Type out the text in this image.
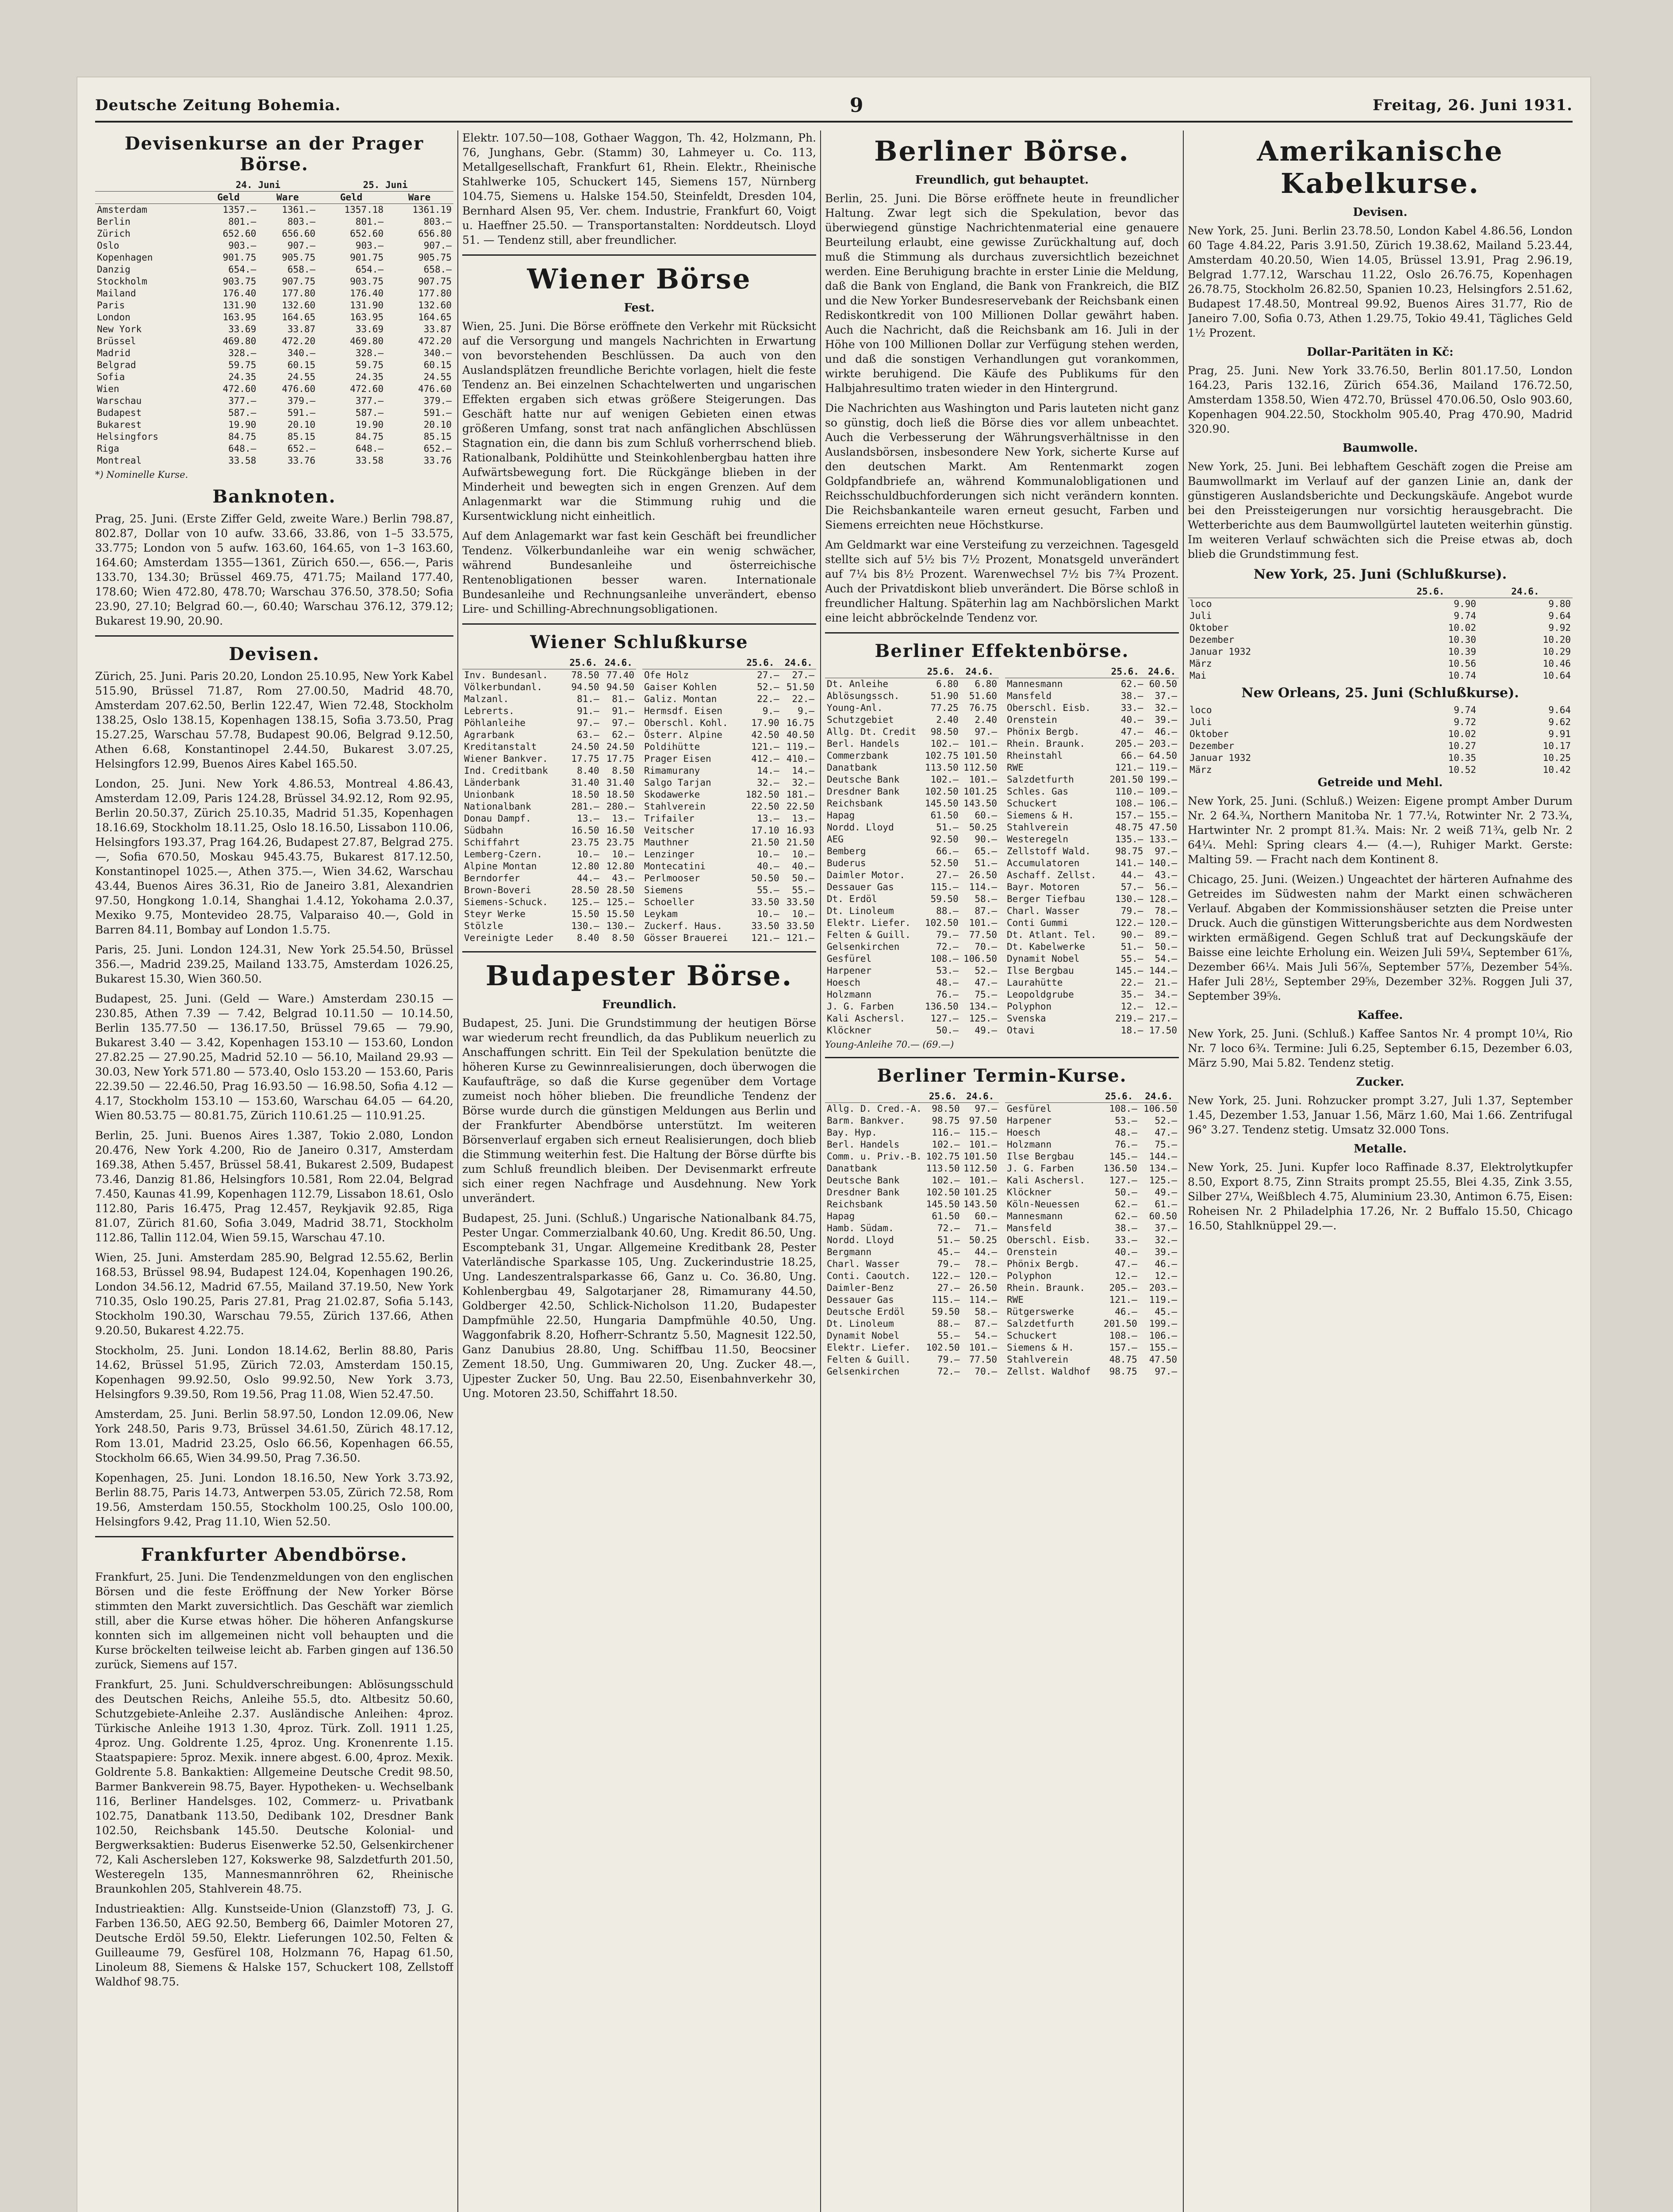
Deutsche Zeitung Bohemia.	9	Freitag, 26. Juni 1931.
Devisenkurse an der Prager Börse.
	24. Juni		25. Juni	
	Geld	Ware	Geld	Ware
Amsterdam	1357.—	1361.—	1357.18	1361.19
Berlin	801.—	803.—	801.—	803.—
Zürich	652.60	656.60	652.60	656.80
Oslo	903.—	907.—	903.—	907.—
Kopenhagen	901.75	905.75	901.75	905.75
Danzig	654.—	658.—	654.—	658.—
Stockholm	903.75	907.75	903.75	907.75
Mailand	176.40	177.80	176.40	177.80
Paris	131.90	132.60	131.90	132.60
London	163.95	164.65	163.95	164.65
New York	33.69	33.87	33.69	33.87
Brüssel	469.80	472.20	469.80	472.20
Madrid	328.—	340.—	328.—	340.—
Belgrad	59.75	60.15	59.75	60.15
Sofia	24.35	24.55	24.35	24.55
Wien	472.60	476.60	472.60	476.60
Warschau	377.—	379.—	377.—	379.—
Budapest	587.—	591.—	587.—	591.—
Bukarest	19.90	20.10	19.90	20.10
Helsingfors	84.75	85.15	84.75	85.15
Riga	648.—	652.—	648.—	652.—
Montreal	33.58	33.76	33.58	33.76
*) Nominelle Kurse.
Banknoten.

Prag, 25. Juni. (Erste Ziffer Geld, zweite Ware.) Berlin 798.87, 802.87, Dollar von 10 aufw. 33.66, 33.86, von 1–5 33.575, 33.775; London von 5 aufw. 163.60, 164.65, von 1–3 163.60, 164.60; Amsterdam 1355—1361, Zürich 650.—, 656.—, Paris 133.70, 134.30; Brüssel 469.75, 471.75; Mailand 177.40, 178.60; Wien 472.80, 478.70; Warschau 376.50, 378.50; Sofia 23.90, 27.10; Belgrad 60.—, 60.40; Warschau 376.12, 379.12; Bukarest 19.90, 20.90.

Devisen.

Zürich, 25. Juni. Paris 20.20, London 25.10.95, New York Kabel 515.90, Brüssel 71.87, Rom 27.00.50, Madrid 48.70, Amsterdam 207.62.50, Berlin 122.47, Wien 72.48, Stockholm 138.25, Oslo 138.15, Kopenhagen 138.15, Sofia 3.73.50, Prag 15.27.25, Warschau 57.78, Budapest 90.06, Belgrad 9.12.50, Athen 6.68, Konstantinopel 2.44.50, Bukarest 3.07.25, Helsingfors 12.99, Buenos Aires Kabel 165.50.

London, 25. Juni. New York 4.86.53, Montreal 4.86.43, Amsterdam 12.09, Paris 124.28, Brüssel 34.92.12, Rom 92.95, Berlin 20.50.37, Zürich 25.10.35, Madrid 51.35, Kopenhagen 18.16.69, Stockholm 18.11.25, Oslo 18.16.50, Lissabon 110.06, Helsingfors 193.37, Prag 164.26, Budapest 27.87, Belgrad 275.—, Sofia 670.50, Moskau 945.43.75, Bukarest 817.12.50, Konstantinopel 1025.—, Athen 375.—, Wien 34.62, Warschau 43.44, Buenos Aires 36.31, Rio de Janeiro 3.81, Alexandrien 97.50, Hongkong 1.0.14, Shanghai 1.4.12, Yokohama 2.0.37, Mexiko 9.75, Montevideo 28.75, Valparaiso 40.—, Gold in Barren 84.11, Bombay auf London 1.5.75.

Paris, 25. Juni. London 124.31, New York 25.54.50, Brüssel 356.—, Madrid 239.25, Mailand 133.75, Amsterdam 1026.25, Bukarest 15.30, Wien 360.50.

Budapest, 25. Juni. (Geld — Ware.) Amsterdam 230.15 — 230.85, Athen 7.39 — 7.42, Belgrad 10.11.50 — 10.14.50, Berlin 135.77.50 — 136.17.50, Brüssel 79.65 — 79.90, Bukarest 3.40 — 3.42, Kopenhagen 153.10 — 153.60, London 27.82.25 — 27.90.25, Madrid 52.10 — 56.10, Mailand 29.93 — 30.03, New York 571.80 — 573.40, Oslo 153.20 — 153.60, Paris 22.39.50 — 22.46.50, Prag 16.93.50 — 16.98.50, Sofia 4.12 — 4.17, Stockholm 153.10 — 153.60, Warschau 64.05 — 64.20, Wien 80.53.75 — 80.81.75, Zürich 110.61.25 — 110.91.25.

Berlin, 25. Juni. Buenos Aires 1.387, Tokio 2.080, London 20.476, New York 4.200, Rio de Janeiro 0.317, Amsterdam 169.38, Athen 5.457, Brüssel 58.41, Bukarest 2.509, Budapest 73.46, Danzig 81.86, Helsingfors 10.581, Rom 22.04, Belgrad 7.450, Kaunas 41.99, Kopenhagen 112.79, Lissabon 18.61, Oslo 112.80, Paris 16.475, Prag 12.457, Reykjavik 92.85, Riga 81.07, Zürich 81.60, Sofia 3.049, Madrid 38.71, Stockholm 112.86, Tallin 112.04, Wien 59.15, Warschau 47.10.

Wien, 25. Juni. Amsterdam 285.90, Belgrad 12.55.62, Berlin 168.53, Brüssel 98.94, Budapest 124.04, Kopenhagen 190.26, London 34.56.12, Madrid 67.55, Mailand 37.19.50, New York 710.35, Oslo 190.25, Paris 27.81, Prag 21.02.87, Sofia 5.143, Stockholm 190.30, Warschau 79.55, Zürich 137.66, Athen 9.20.50, Bukarest 4.22.75.

Stockholm, 25. Juni. London 18.14.62, Berlin 88.80, Paris 14.62, Brüssel 51.95, Zürich 72.03, Amsterdam 150.15, Kopenhagen 99.92.50, Oslo 99.92.50, New York 3.73, Helsingfors 9.39.50, Rom 19.56, Prag 11.08, Wien 52.47.50.

Amsterdam, 25. Juni. Berlin 58.97.50, London 12.09.06, New York 248.50, Paris 9.73, Brüssel 34.61.50, Zürich 48.17.12, Rom 13.01, Madrid 23.25, Oslo 66.56, Kopenhagen 66.55, Stockholm 66.65, Wien 34.99.50, Prag 7.36.50.

Kopenhagen, 25. Juni. London 18.16.50, New York 3.73.92, Berlin 88.75, Paris 14.73, Antwerpen 53.05, Zürich 72.58, Rom 19.56, Amsterdam 150.55, Stockholm 100.25, Oslo 100.00, Helsingfors 9.42, Prag 11.10, Wien 52.50.

Frankfurter Abendbörse.

Frankfurt, 25. Juni. Die Tendenzmeldungen von den englischen Börsen und die feste Eröffnung der New Yorker Börse stimmten den Markt zuversichtlich. Das Geschäft war ziemlich still, aber die Kurse etwas höher. Die höheren Anfangskurse konnten sich im allgemeinen nicht voll behaupten und die Kurse bröckelten teilweise leicht ab. Farben gingen auf 136.50 zurück, Siemens auf 157.

Frankfurt, 25. Juni. Schuldverschreibungen: Ablösungsschuld des Deutschen Reichs, Anleihe 55.5, dto. Altbesitz 50.60, Schutzgebiete-Anleihe 2.37. Ausländische Anleihen: 4proz. Türkische Anleihe 1913 1.30, 4proz. Türk. Zoll. 1911 1.25, 4proz. Ung. Goldrente 1.25, 4proz. Ung. Kronenrente 1.15. Staatspapiere: 5proz. Mexik. innere abgest. 6.00, 4proz. Mexik. Goldrente 5.8. Bankaktien: Allgemeine Deutsche Credit 98.50, Barmer Bankverein 98.75, Bayer. Hypotheken- u. Wechselbank 116, Berliner Handelsges. 102, Commerz- u. Privatbank 102.75, Danatbank 113.50, Dedibank 102, Dresdner Bank 102.50, Reichsbank 145.50. Deutsche Kolonial- und Bergwerksaktien: Buderus Eisenwerke 52.50, Gelsenkirchener 72, Kali Aschersleben 127, Kokswerke 98, Salzdetfurth 201.50, Westeregeln 135, Mannesmannröhren 62, Rheinische Braunkohlen 205, Stahlverein 48.75.

Industrieaktien: Allg. Kunstseide-Union (Glanzstoff) 73, J. G. Farben 136.50, AEG 92.50, Bemberg 66, Daimler Motoren 27, Deutsche Erdöl 59.50, Elektr. Lieferungen 102.50, Felten & Guilleaume 79, Gesfürel 108, Holzmann 76, Hapag 61.50, Linoleum 88, Siemens & Halske 157, Schuckert 108, Zellstoff Waldhof 98.75.

Elektr. 107.50—108, Gothaer Waggon, Th. 42, Holzmann, Ph. 76, Junghans, Gebr. (Stamm) 30, Lahmeyer u. Co. 113, Metallgesellschaft, Frankfurt 61, Rhein. Elektr., Rheinische Stahlwerke 105, Schuckert 145, Siemens 157, Nürnberg 104.75, Siemens u. Halske 154.50, Steinfeldt, Dresden 104, Bernhard Alsen 95, Ver. chem. Industrie, Frankfurt 60, Voigt u. Haeffner 25.50. — Transportanstalten: Norddeutsch. Lloyd 51. — Tendenz still, aber freundlicher.

Wiener Börse
Fest.

Wien, 25. Juni. Die Börse eröffnete den Verkehr mit Rücksicht auf die Versorgung und mangels Nachrichten in Erwartung von bevorstehenden Beschlüssen. Da auch von den Auslandsplätzen freundliche Berichte vorlagen, hielt die feste Tendenz an. Bei einzelnen Schachtelwerten und ungarischen Effekten ergaben sich etwas größere Steigerungen. Das Geschäft hatte nur auf wenigen Gebieten einen etwas größeren Umfang, sonst trat nach anfänglichen Abschlüssen Stagnation ein, die dann bis zum Schluß vorherrschend blieb. Rationalbank, Poldihütte und Steinkohlenbergbau hatten ihre Aufwärtsbewegung fort. Die Rückgänge blieben in der Minderheit und bewegten sich in engen Grenzen. Auf dem Anlagenmarkt war die Stimmung ruhig und die Kursentwicklung nicht einheitlich.

Auf dem Anlagemarkt war fast kein Geschäft bei freundlicher Tendenz. Völkerbundanleihe war ein wenig schwächer, während Bundesanleihe und österreichische Rentenobligationen besser waren. Internationale Bundesanleihe und Rechnungsanleihe unverändert, ebenso Lire- und Schilling-Abrechnungsobligationen.

Wiener Schlußkurse
	25.6.	24.6.
Inv. Bundesanl.	78.50	77.40
Völkerbundanl.	94.50	94.50
Malzanl.	81.—	81.—
Lebrerts.	91.—	91.—
Pöhlanleihe	97.—	97.—
Agrarbank	63.—	62.—
Kreditanstalt	24.50	24.50
Wiener Bankver.	17.75	17.75
Ind. Creditbank	8.40	8.50
Länderbank	31.40	31.40
Unionbank	18.50	18.50
Nationalbank	281.—	280.—
Donau Dampf.	13.—	13.—
Südbahn	16.50	16.50
Schiffahrt	23.75	23.75
Lemberg-Czern.	10.—	10.—
Alpine Montan	12.80	12.80
Berndorfer	44.—	43.—
Brown-Boveri	28.50	28.50
Siemens-Schuck.	125.—	125.—
Steyr Werke	15.50	15.50
Stölzle	130.—	130.—
Vereinigte Leder	8.40	8.50
	25.6.	24.6.
Ofe Holz	27.—	27.—
Gaiser Kohlen	52.—	51.50
Galiz. Montan	22.—	22.—
Hermsdf. Eisen	9.—	9.—
Oberschl. Kohl.	17.90	16.75
Österr. Alpine	42.50	40.50
Poldihütte	121.—	119.—
Prager Eisen	412.—	410.—
Rimamurany	14.—	14.—
Salgo Tarjan	32.—	32.—
Skodawerke	182.50	181.—
Stahlverein	22.50	22.50
Trifailer	13.—	13.—
Veitscher	17.10	16.93
Mauthner	21.50	21.50
Lenzinger	10.—	10.—
Montecatini	40.—	40.—
Perlmooser	50.50	50.—
Siemens	55.—	55.—
Schoeller	33.50	33.50
Leykam	10.—	10.—
Zuckerf. Haus.	33.50	33.50
Gösser Brauerei	121.—	121.—
Budapester Börse.
Freundlich.

Budapest, 25. Juni. Die Grundstimmung der heutigen Börse war wiederum recht freundlich, da das Publikum neuerlich zu Anschaffungen schritt. Ein Teil der Spekulation benützte die höheren Kurse zu Gewinnrealisierungen, doch überwogen die Kaufaufträge, so daß die Kurse gegenüber dem Vortage zumeist noch höher blieben. Die freundliche Tendenz der Börse wurde durch die günstigen Meldungen aus Berlin und der Frankfurter Abendbörse unterstützt. Im weiteren Börsenverlauf ergaben sich erneut Realisierungen, doch blieb die Stimmung weiterhin fest. Die Haltung der Börse dürfte bis zum Schluß freundlich bleiben. Der Devisenmarkt erfreute sich einer regen Nachfrage und Ausdehnung. New York unverändert.

Budapest, 25. Juni. (Schluß.) Ungarische Nationalbank 84.75, Pester Ungar. Commerzialbank 40.60, Ung. Kredit 86.50, Ung. Escomptebank 31, Ungar. Allgemeine Kreditbank 28, Pester Vaterländische Sparkasse 105, Ung. Zuckerindustrie 18.25, Ung. Landeszentralsparkasse 66, Ganz u. Co. 36.80, Ung. Kohlenbergbau 49, Salgotarjaner 28, Rimamurany 44.50, Goldberger 42.50, Schlick-Nicholson 11.20, Budapester Dampfmühle 22.50, Hungaria Dampfmühle 40.50, Ung. Waggonfabrik 8.20, Hofherr-Schrantz 5.50, Magnesit 122.50, Ganz Danubius 28.80, Ung. Schiffbau 11.50, Beocsiner Zement 18.50, Ung. Gummiwaren 20, Ung. Zucker 48.—, Ujpester Zucker 50, Ung. Bau 22.50, Eisenbahnverkehr 30, Ung. Motoren 23.50, Schiffahrt 18.50.

Berliner Börse.
Freundlich, gut behauptet.

Berlin, 25. Juni. Die Börse eröffnete heute in freundlicher Haltung. Zwar legt sich die Spekulation, bevor das überwiegend günstige Nachrichtenmaterial eine genauere Beurteilung erlaubt, eine gewisse Zurückhaltung auf, doch muß die Stimmung als durchaus zuversichtlich bezeichnet werden. Eine Beruhigung brachte in erster Linie die Meldung, daß die Bank von England, die Bank von Frankreich, die BIZ und die New Yorker Bundesreservebank der Reichsbank einen Rediskontkredit von 100 Millionen Dollar gewährt haben. Auch die Nachricht, daß die Reichsbank am 16. Juli in der Höhe von 100 Millionen Dollar zur Verfügung stehen werden, und daß die sonstigen Verhandlungen gut vorankommen, wirkte beruhigend. Die Käufe des Publikums für den Halbjahresultimo traten wieder in den Hintergrund.

Die Nachrichten aus Washington und Paris lauteten nicht ganz so günstig, doch ließ die Börse dies vor allem unbeachtet. Auch die Verbesserung der Währungsverhältnisse in den Auslandsbörsen, insbesondere New York, sicherte Kurse auf den deutschen Markt. Am Rentenmarkt zogen Goldpfandbriefe an, während Kommunalobligationen und Reichsschuldbuchforderungen sich nicht verändern konnten. Die Reichsbankanteile waren erneut gesucht, Farben und Siemens erreichten neue Höchstkurse.

Am Geldmarkt war eine Versteifung zu verzeichnen. Tagesgeld stellte sich auf 5½ bis 7½ Prozent, Monatsgeld unverändert auf 7¼ bis 8½ Prozent. Warenwechsel 7½ bis 7¾ Prozent. Auch der Privatdiskont blieb unverändert. Die Börse schloß in freundlicher Haltung. Späterhin lag am Nachbörslichen Markt eine leicht abbröckelnde Tendenz vor.

Berliner Effektenbörse.
	25.6.	24.6.
Dt. Anleihe	6.80	6.80
Ablösungssch.	51.90	51.60
Young-Anl.	77.25	76.75
Schutzgebiet	2.40	2.40
Allg. Dt. Credit	98.50	97.—
Berl. Handels	102.—	101.—
Commerzbank	102.75	101.50
Danatbank	113.50	112.50
Deutsche Bank	102.—	101.—
Dresdner Bank	102.50	101.25
Reichsbank	145.50	143.50
Hapag	61.50	60.—
Nordd. Lloyd	51.—	50.25
AEG	92.50	90.—
Bemberg	66.—	65.—
Buderus	52.50	51.—
Daimler Motor.	27.—	26.50
Dessauer Gas	115.—	114.—
Dt. Erdöl	59.50	58.—
Dt. Linoleum	88.—	87.—
Elektr. Liefer.	102.50	101.—
Felten & Guill.	79.—	77.50
Gelsenkirchen	72.—	70.—
Gesfürel	108.—	106.50
Harpener	53.—	52.—
Hoesch	48.—	47.—
Holzmann	76.—	75.—
J. G. Farben	136.50	134.—
Kali Aschersl.	127.—	125.—
Klöckner	50.—	49.—
	25.6.	24.6.
Mannesmann	62.—	60.50
Mansfeld	38.—	37.—
Oberschl. Eisb.	33.—	32.—
Orenstein	40.—	39.—
Phönix Bergb.	47.—	46.—
Rhein. Braunk.	205.—	203.—
Rheinstahl	66.—	64.50
RWE	121.—	119.—
Salzdetfurth	201.50	199.—
Schles. Gas	110.—	109.—
Schuckert	108.—	106.—
Siemens & H.	157.—	155.—
Stahlverein	48.75	47.50
Westeregeln	135.—	133.—
Zellstoff Wald.	98.75	97.—
Accumulatoren	141.—	140.—
Aschaff. Zellst.	44.—	43.—
Bayr. Motoren	57.—	56.—
Berger Tiefbau	130.—	128.—
Charl. Wasser	79.—	78.—
Conti Gummi	122.—	120.—
Dt. Atlant. Tel.	90.—	89.—
Dt. Kabelwerke	51.—	50.—
Dynamit Nobel	55.—	54.—
Ilse Bergbau	145.—	144.—
Laurahütte	22.—	21.—
Leopoldgrube	35.—	34.—
Polyphon	12.—	12.—
Svenska	219.—	217.—
Otavi	18.—	17.50
Young-Anleihe 70.— (69.—)
Berliner Termin-Kurse.
	25.6.	24.6.
Allg. D. Cred.-A.	98.50	97.—
Barm. Bankver.	98.75	97.50
Bay. Hyp.	116.—	115.—
Berl. Handels	102.—	101.—
Comm. u. Priv.-B.	102.75	101.50
Danatbank	113.50	112.50
Deutsche Bank	102.—	101.—
Dresdner Bank	102.50	101.25
Reichsbank	145.50	143.50
Hapag	61.50	60.—
Hamb. Südam.	72.—	71.—
Nordd. Lloyd	51.—	50.25
Bergmann	45.—	44.—
Charl. Wasser	79.—	78.—
Conti. Caoutch.	122.—	120.—
Daimler-Benz	27.—	26.50
Dessauer Gas	115.—	114.—
Deutsche Erdöl	59.50	58.—
Dt. Linoleum	88.—	87.—
Dynamit Nobel	55.—	54.—
Elektr. Liefer.	102.50	101.—
Felten & Guill.	79.—	77.50
Gelsenkirchen	72.—	70.—
	25.6.	24.6.
Gesfürel	108.—	106.50
Harpener	53.—	52.—
Hoesch	48.—	47.—
Holzmann	76.—	75.—
Ilse Bergbau	145.—	144.—
J. G. Farben	136.50	134.—
Kali Aschersl.	127.—	125.—
Klöckner	50.—	49.—
Köln-Neuessen	62.—	61.—
Mannesmann	62.—	60.50
Mansfeld	38.—	37.—
Oberschl. Eisb.	33.—	32.—
Orenstein	40.—	39.—
Phönix Bergb.	47.—	46.—
Polyphon	12.—	12.—
Rhein. Braunk.	205.—	203.—
RWE	121.—	119.—
Rütgerswerke	46.—	45.—
Salzdetfurth	201.50	199.—
Schuckert	108.—	106.—
Siemens & H.	157.—	155.—
Stahlverein	48.75	47.50
Zellst. Waldhof	98.75	97.—
Amerikanische Kabelkurse.
Devisen.

New York, 25. Juni. Berlin 23.78.50, London Kabel 4.86.56, London 60 Tage 4.84.22, Paris 3.91.50, Zürich 19.38.62, Mailand 5.23.44, Amsterdam 40.20.50, Wien 14.05, Brüssel 13.91, Prag 2.96.19, Belgrad 1.77.12, Warschau 11.22, Oslo 26.76.75, Kopenhagen 26.78.75, Stockholm 26.82.50, Spanien 10.23, Helsingfors 2.51.62, Budapest 17.48.50, Montreal 99.92, Buenos Aires 31.77, Rio de Janeiro 7.00, Sofia 0.73, Athen 1.29.75, Tokio 49.41, Tägliches Geld 1½ Prozent.

Dollar-Paritäten in Kč:

Prag, 25. Juni. New York 33.76.50, Berlin 801.17.50, London 164.23, Paris 132.16, Zürich 654.36, Mailand 176.72.50, Amsterdam 1358.50, Wien 472.70, Brüssel 470.06.50, Oslo 903.60, Kopenhagen 904.22.50, Stockholm 905.40, Prag 470.90, Madrid 320.90.

Baumwolle.

New York, 25. Juni. Bei lebhaftem Geschäft zogen die Preise am Baumwollmarkt im Verlauf auf der ganzen Linie an, dank der günstigeren Auslandsberichte und Deckungskäufe. Angebot wurde bei den Preissteigerungen nur vorsichtig herausgebracht. Die Wetterberichte aus dem Baumwollgürtel lauteten weiterhin günstig. Im weiteren Verlauf schwächten sich die Preise etwas ab, doch blieb die Grundstimmung fest.

New York, 25. Juni (Schlußkurse).
	25.6.	24.6.
loco	9.90	9.80
Juli	9.74	9.64
Oktober	10.02	9.92
Dezember	10.30	10.20
Januar 1932	10.39	10.29
März	10.56	10.46
Mai	10.74	10.64
New Orleans, 25. Juni (Schlußkurse).
loco	9.74	9.64
Juli	9.72	9.62
Oktober	10.02	9.91
Dezember	10.27	10.17
Januar 1932	10.35	10.25
März	10.52	10.42
Getreide und Mehl.

New York, 25. Juni. (Schluß.) Weizen: Eigene prompt Amber Durum Nr. 2 64.¾, Northern Manitoba Nr. 1 77.¼, Rotwinter Nr. 2 73.¾, Hartwinter Nr. 2 prompt 81.¾. Mais: Nr. 2 weiß 71¾, gelb Nr. 2 64¼. Mehl: Spring clears 4.— (4.—), Ruhiger Markt. Gerste: Malting 59. — Fracht nach dem Kontinent 8.

Chicago, 25. Juni. (Weizen.) Ungeachtet der härteren Aufnahme des Getreides im Südwesten nahm der Markt einen schwächeren Verlauf. Abgaben der Kommissionshäuser setzten die Preise unter Druck. Auch die günstigen Witterungsberichte aus dem Nordwesten wirkten ermäßigend. Gegen Schluß trat auf Deckungskäufe der Baisse eine leichte Erholung ein. Weizen Juli 59¼, September 61⅞, Dezember 66¼. Mais Juli 56⅞, September 57⅞, Dezember 54⅝. Hafer Juli 28½, September 29⅝, Dezember 32⅜. Roggen Juli 37, September 39⅝.

Kaffee.

New York, 25. Juni. (Schluß.) Kaffee Santos Nr. 4 prompt 10¼, Rio Nr. 7 loco 6¾. Termine: Juli 6.25, September 6.15, Dezember 6.03, März 5.90, Mai 5.82. Tendenz stetig.

Zucker.

New York, 25. Juni. Rohzucker prompt 3.27, Juli 1.37, September 1.45, Dezember 1.53, Januar 1.56, März 1.60, Mai 1.66. Zentrifugal 96° 3.27. Tendenz stetig. Umsatz 32.000 Tons.

Metalle.

New York, 25. Juni. Kupfer loco Raffinade 8.37, Elektrolytkupfer 8.50, Export 8.75, Zinn Straits prompt 25.55, Blei 4.35, Zink 3.55, Silber 27¼, Weißblech 4.75, Aluminium 23.30, Antimon 6.75, Eisen: Roheisen Nr. 2 Philadelphia 17.26, Nr. 2 Buffalo 15.50, Chicago 16.50, Stahlknüppel 29.—.
